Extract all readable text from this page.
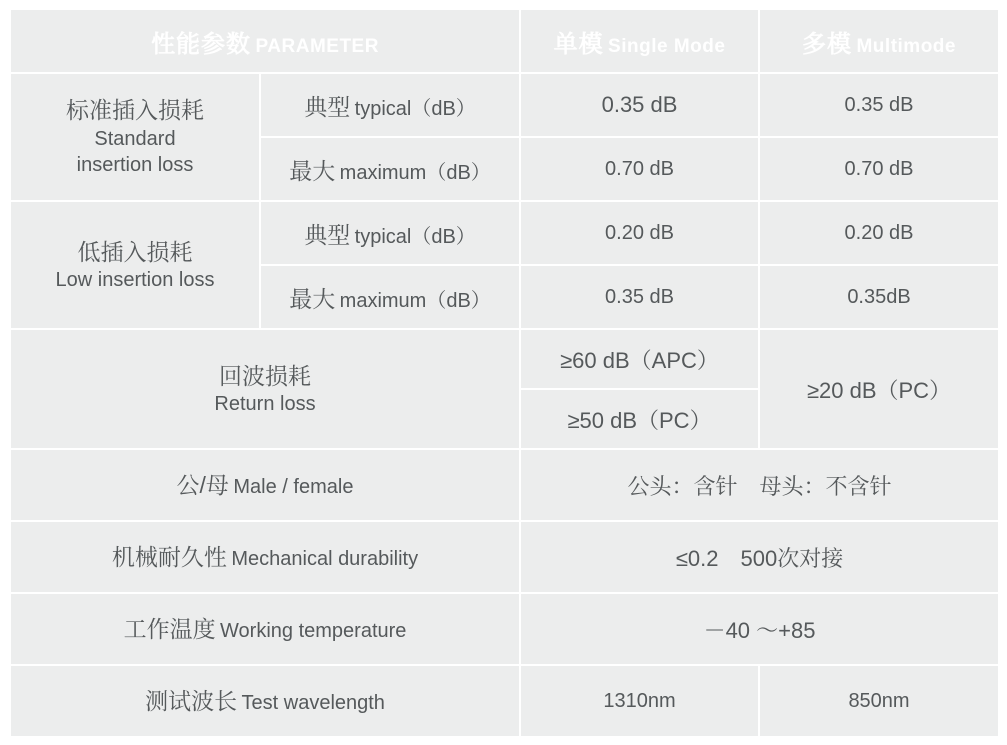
性能参数 PARAMETER		单模 Single Mode	多模 Multimode

标准插入损耗
Standard
insertion loss	典型 typical（dB）	0.35 dB	0.35 dB
	最大 maximum（dB）	0.70 dB	0.70 dB

低插入损耗
Low insertion loss	典型 typical（dB）	0.20 dB	0.20 dB
	最大 maximum（dB）	0.35 dB	0.35dB

回波损耗
Return loss		≥60 dB（APC）	≥20 dB（PC）
		≥50 dB（PC）	
公/母 Male / female		公头：含针　母头：不含针	
机械耐久性 Mechanical durability		≤0.2　500次对接	
工作温度 Working temperature		－40 ～+85	
测试波长 Test wavelength		1310nm	850nm
